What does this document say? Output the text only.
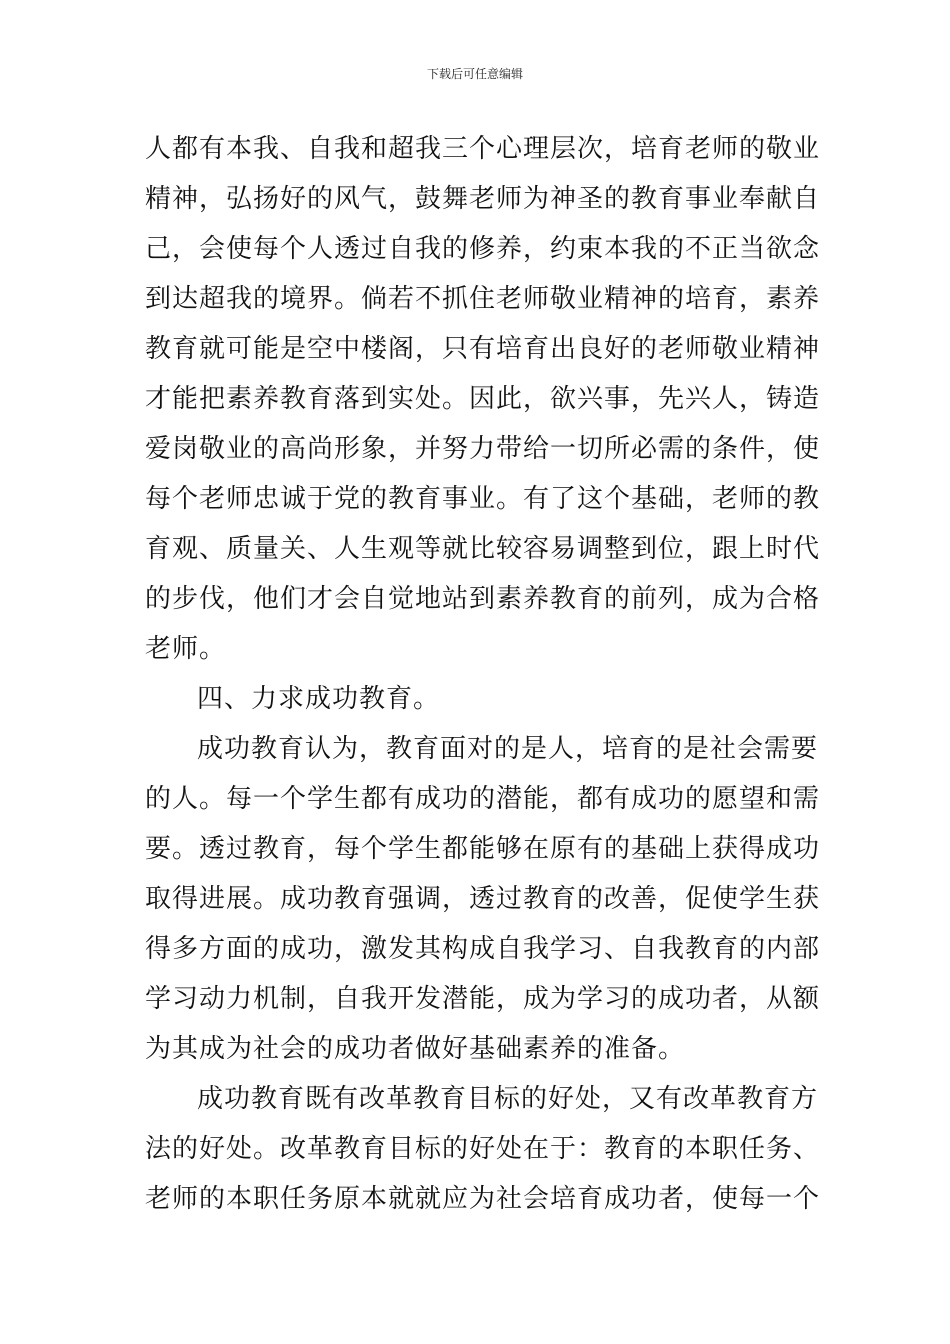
下载后可任意编辑
人都有本我、自我和超我三个心理层次，培育老师的敬业
精神，弘扬好的风气，鼓舞老师为神圣的教育事业奉献自
己，会使每个人透过自我的修养，约束本我的不正当欲念
到达超我的境界。倘若不抓住老师敬业精神的培育，素养
教育就可能是空中楼阁，只有培育出良好的老师敬业精神
才能把素养教育落到实处。因此，欲兴事，先兴人，铸造
爱岗敬业的高尚形象，并努力带给一切所必需的条件，使
每个老师忠诚于党的教育事业。有了这个基础，老师的教
育观、质量关、人生观等就比较容易调整到位，跟上时代
的步伐，他们才会自觉地站到素养教育的前列，成为合格
老师。
四、力求成功教育。
成功教育认为，教育面对的是人，培育的是社会需要
的人。每一个学生都有成功的潜能，都有成功的愿望和需
要。透过教育，每个学生都能够在原有的基础上获得成功
取得进展。成功教育强调，透过教育的改善，促使学生获
得多方面的成功，激发其构成自我学习、自我教育的内部
学习动力机制，自我开发潜能，成为学习的成功者，从额
为其成为社会的成功者做好基础素养的准备。
成功教育既有改革教育目标的好处，又有改革教育方
法的好处。改革教育目标的好处在于：教育的本职任务、
老师的本职任务原本就就应为社会培育成功者，使每一个
